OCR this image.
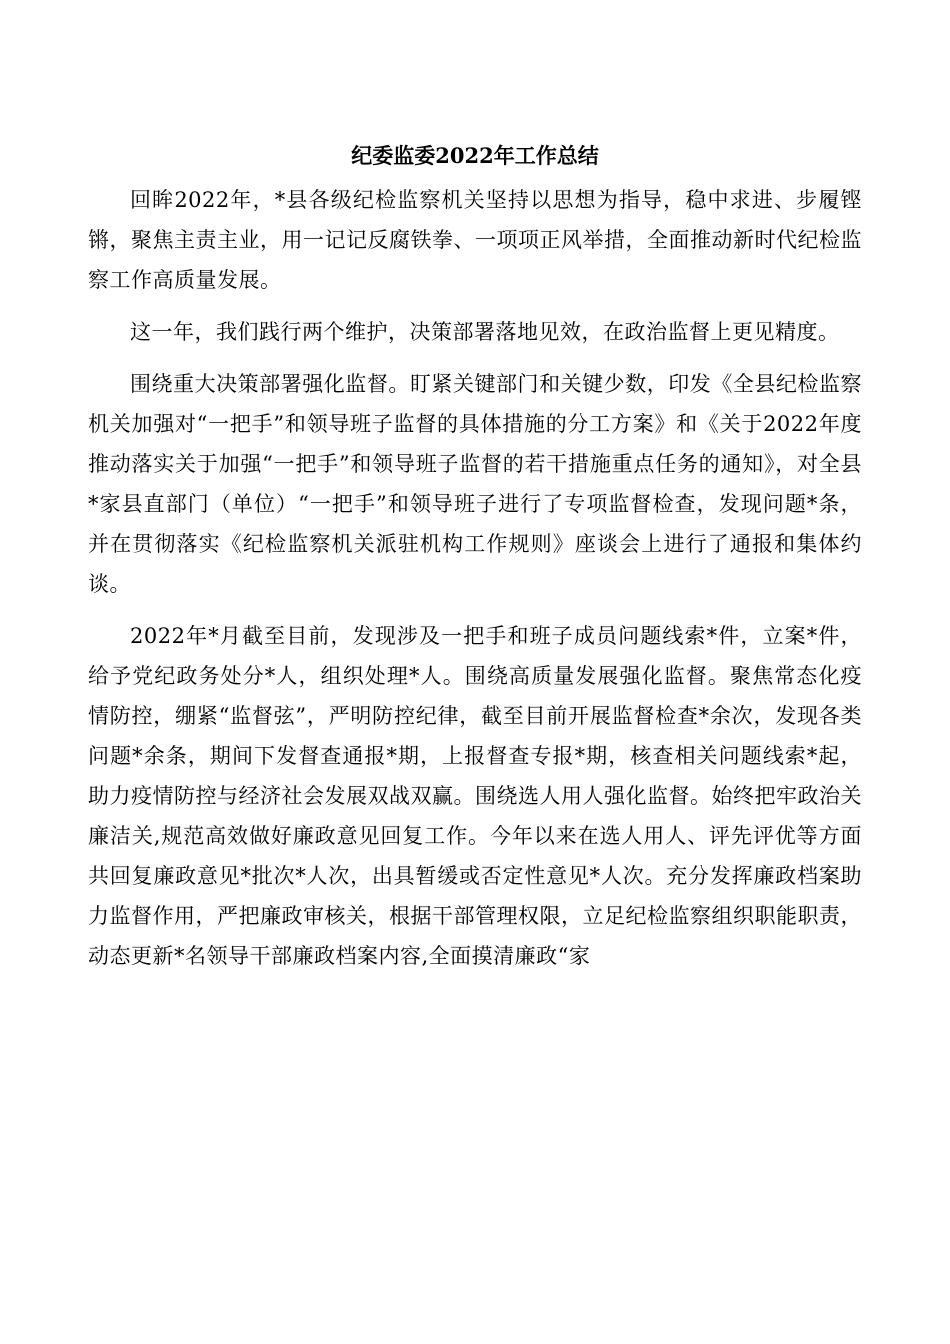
纪委监委2022年工作总结

回眸2022年，*县各级纪检监察机关坚持以思想为指导，稳中求进、步履铿锵，聚焦主责主业，用一记记反腐铁拳、一项项正风举措，全面推动新时代纪检监察工作高质量发展。

这一年，我们践行两个维护，决策部署落地见效，在政治监督上更见精度。

围绕重大决策部署强化监督。盯紧关键部门和关键少数，印发《全县纪检监察机关加强对“一把手”和领导班子监督的具体措施的分工方案》和《关于2022年度推动落实关于加强“一把手”和领导班子监督的若干措施重点任务的通知》，对全县*家县直部门（单位）“一把手”和领导班子进行了专项监督检查，发现问题*条，并在贯彻落实《纪检监察机关派驻机构工作规则》座谈会上进行了通报和集体约谈。

2022年*月截至目前，发现涉及一把手和班子成员问题线索*件，立案*件，给予党纪政务处分*人，组织处理*人。围绕高质量发展强化监督。聚焦常态化疫情防控，绷紧“监督弦”，严明防控纪律，截至目前开展监督检查*余次，发现各类问题*余条，期间下发督查通报*期，上报督查专报*期，核查相关问题线索*起，助力疫情防控与经济社会发展双战双赢。围绕选人用人强化监督。始终把牢政治关廉洁关,规范高效做好廉政意见回复工作。今年以来在选人用人、评先评优等方面共回复廉政意见*批次*人次，出具暂缓或否定性意见*人次。充分发挥廉政档案助力监督作用，严把廉政审核关，根据干部管理权限，立足纪检监察组织职能职责，动态更新*名领导干部廉政档案内容,全面摸清廉政“家
